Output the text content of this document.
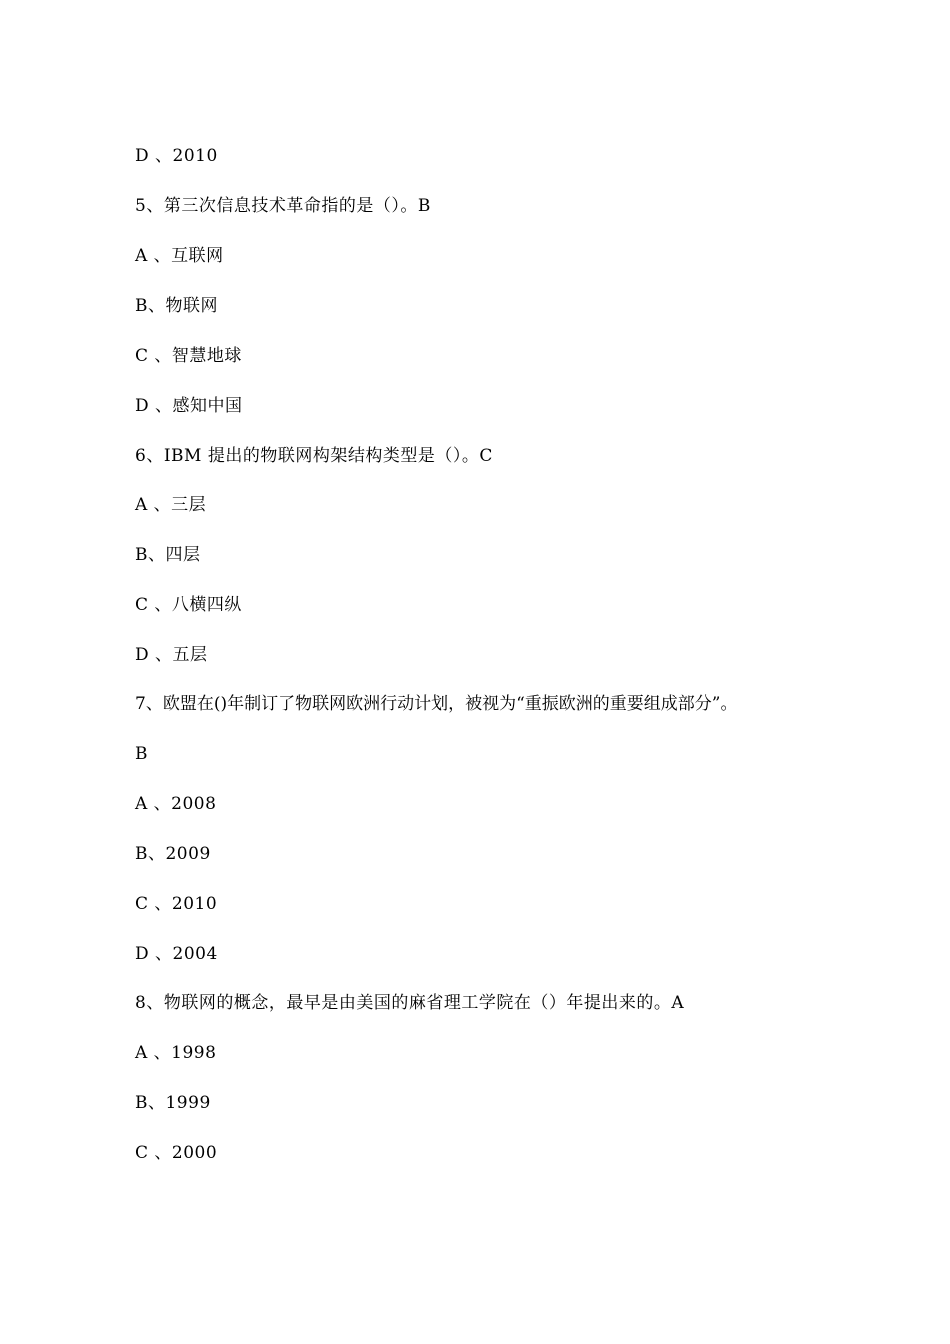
D 、2010
5、第三次信息技术革命指的是（）。B
A 、互联网
B、物联网
C 、智慧地球
D 、感知中国
6、IBM 提出的物联网构架结构类型是（）。C
A 、三层
B、四层
C 、八横四纵
D 、五层
7、欧盟在()年制订了物联网欧洲行动计划，被视为“重振欧洲的重要组成部分”。
B
A 、2008
B、2009
C 、2010
D 、2004
8、物联网的概念，最早是由美国的麻省理工学院在（）年提出来的。A
A 、1998
B、1999
C 、2000
